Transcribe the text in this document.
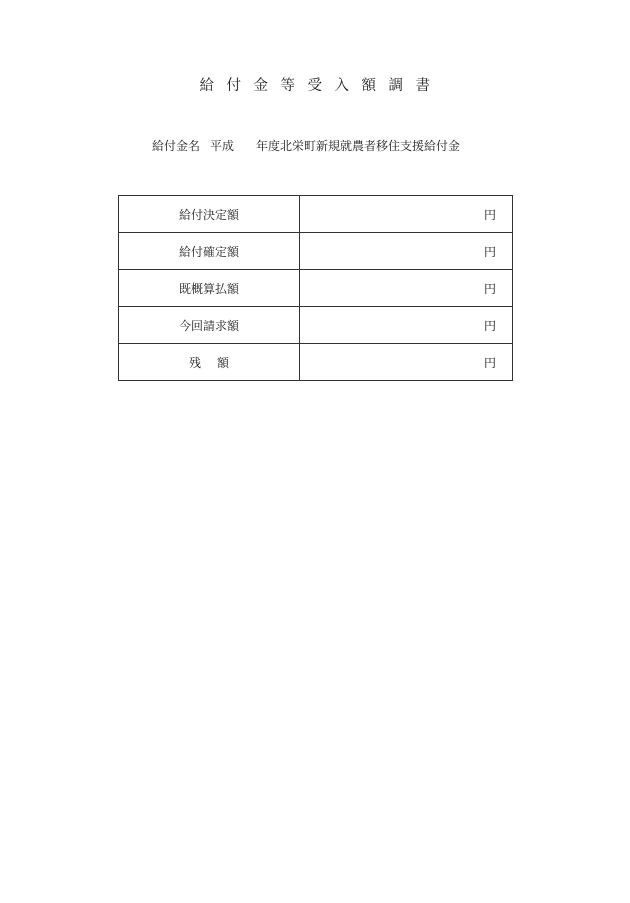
給付金等受入額調書
給付金名 平成 年度北栄町新規就農者移住支援給付金
給付決定額	円
給付確定額	円
既概算払額	円
今回請求額	円
残額	円
